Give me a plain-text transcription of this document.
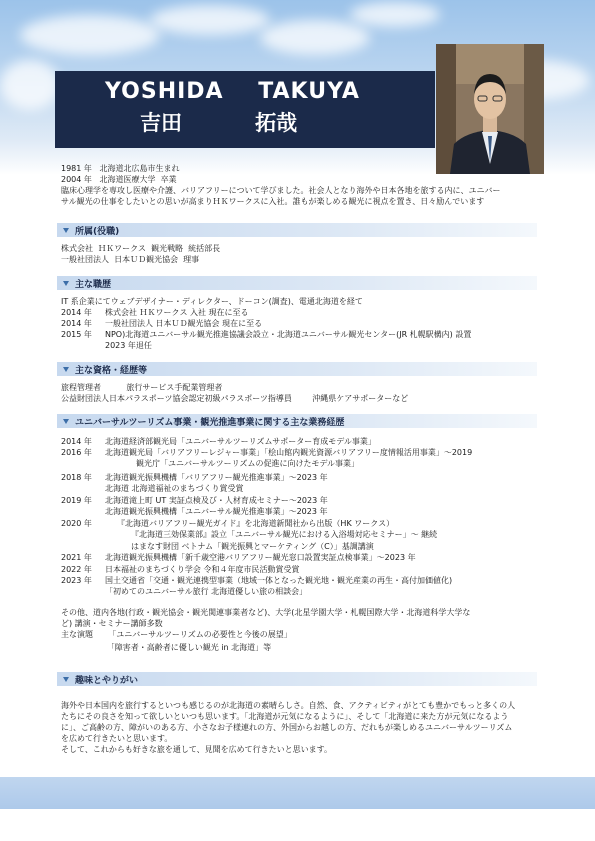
YOSHIDA    TAKUYA
吉田          拓哉
1981 年   北海道北広島市生まれ
2004 年   北海道医療大学  卒業
臨床心理学を専攻し医療や介護、バリアフリーについて学びました。社会人となり海外や日本各地を旅する内に、ユニバー
サル観光の仕事をしたいとの思いが高まりＨＫワークスに入社。誰もが楽しめる観光に視点を置き、日々励んでいます
所属(役職)
株式会社  ＨＫワークス  観光戦略  統括部長
一般社団法人  日本ＵＤ観光協会  理事
主な職歴
IT 系企業にてウェブデザイナー・ディレクター、ドーコン(調査)、電通北海道を経て
2014 年 株式会社 ＨＫワークス 入社 現在に至る
2014 年 一般社団法人 日本ＵＤ観光協会 現在に至る
2015 年 NPO)北海道ユニバーサル観光推進協議会設立・北海道ユニバーサル観光センター(JR 札幌駅構内) 設置
2023 年退任
主な資格・経歴等
旅程管理者          旅行サービス手配業管理者
公益財団法人日本パラスポーツ協会認定初級パラスポーツ指導員        沖縄県ケアサポーターなど
ユニバーサルツーリズム事業・観光推進事業に関する主な業務経歴
2014 年 北海道経済部観光局「ユニバーサルツーリズムサポーター育成モデル事業」
2016 年 北海道観光局「バリアフリーレジャー事業」「桧山館内観光資源バリアフリー度情報活用事業」～2019
観光庁「ユニバーサルツーリズムの促進に向けたモデル事業」
2018 年 北海道観光振興機構「バリアフリー観光推進事業」～2023 年
北海道 北海道福祉のまちづくり賞受賞
2019 年 北海道滝上町 UT 実証点検及び・人材育成セミナー～2023 年
北海道観光振興機構「ユニバーサル観光推進事業」～2023 年
2020 年	『北海道バリアフリー観光ガイド』を北海道新聞社から出版（HK ワークス）
『北海道三効保業部』設立「ユニバーサル観光における入浴場対応セミナー」～ 継続
はまなす財団 ベトナム「観光振興とマーケティング（C）」基調講演
2021 年 北海道観光振興機構「新千歳空港バリアフリー観光窓口設置実証点検事業」～2023 年
2022 年 日本福祉のまちづくり学会 令和４年度市民活動賞受賞
2023 年 国土交通省「交通・観光連携型事業（地域一体となった観光地・観光産業の再生・高付加価値化)
「初めてのユニバーサル旅行 北海道優しい旅の相談会」
その他、道内各地(行政・観光協会・観光関連事業者など)、大学(北星学園大学・札幌国際大学・北海道科学大学な
ど) 講演・セミナー講師多数
主な演題      「ユニバーサルツーリズムの必要性と今後の展望」
「障害者・高齢者に優しい観光 in 北海道」等
趣味とやりがい
海外や日本国内を旅行するといつも感じるのが北海道の素晴らしさ。自然、食、アクティビティがとても豊かでもっと多くの人
たちにその良さを知って欲しいといつも思います。「北海道が元気になるように」、そして「北海道に来た方が元気になるよう
に」、ご高齢の方、障がいのある方、小さなお子様連れの方、外国からお越しの方、だれもが楽しめるユニバーサルツーリズム
を広めて行きたいと思います。
そして、これからも好きな旅を通して、見聞を広めて行きたいと思います。
